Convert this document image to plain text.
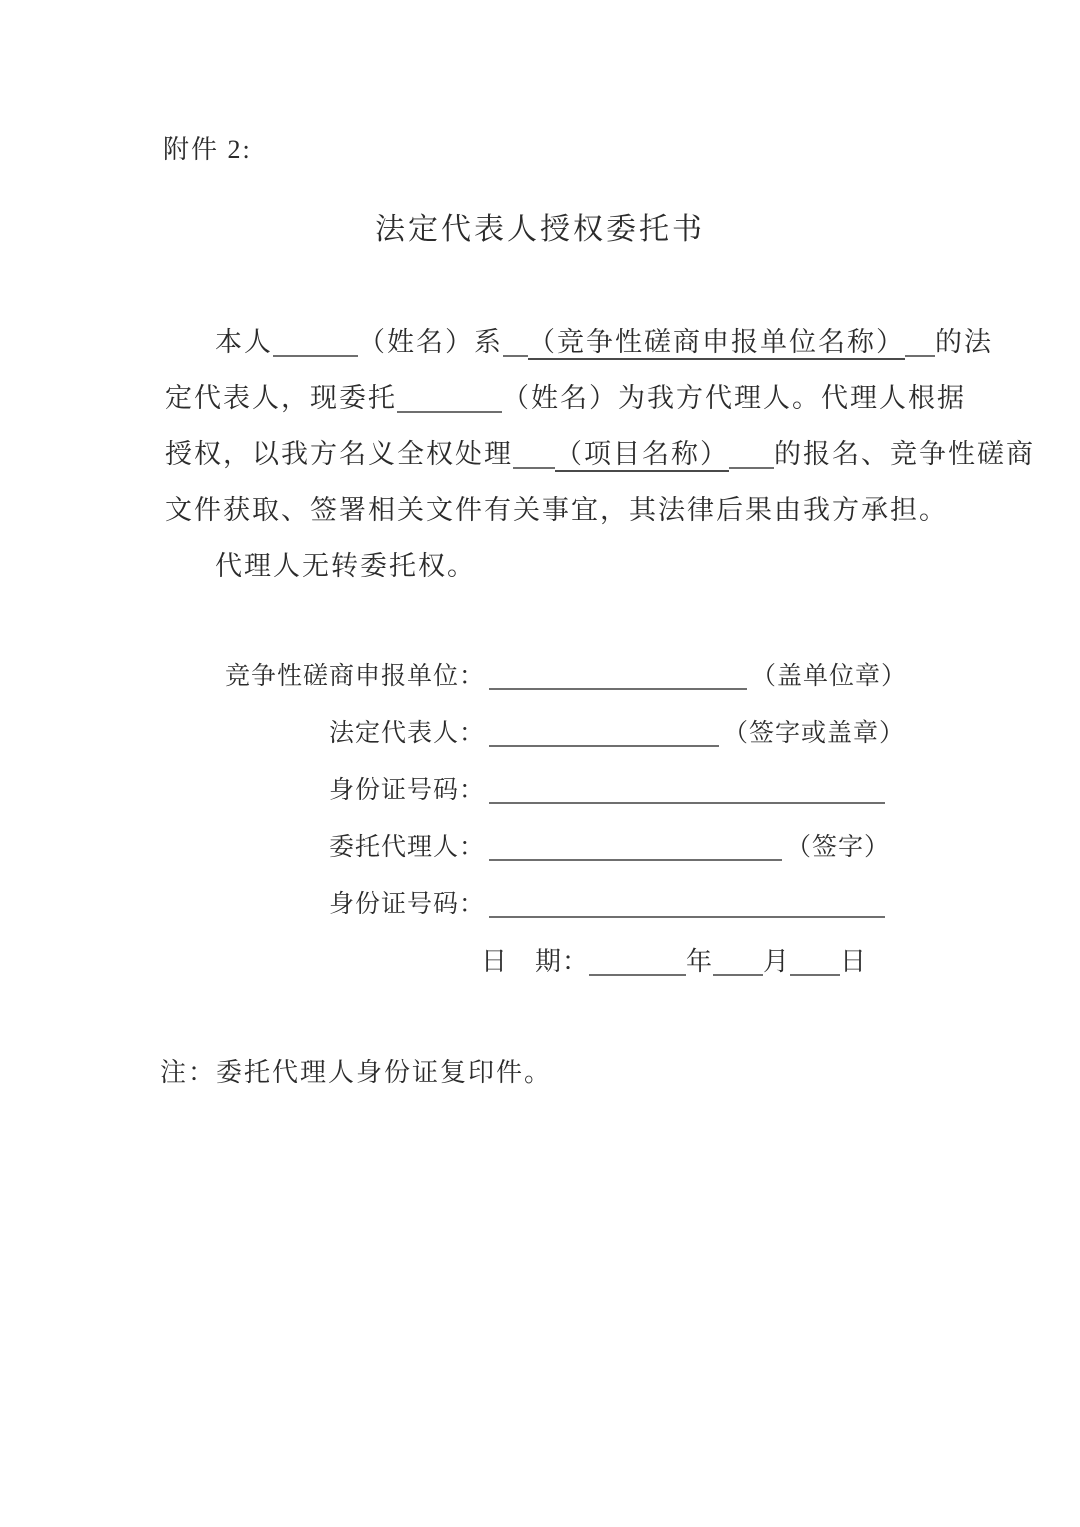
附件 2:
法定代表人授权委托书
本人	（姓名）系 （竞争性磋商申报单位名称） 的法
定代表人，现委托	（姓名）为我方代理人。代理人根据
授权，以我方名义全权处理 （项目名称） 的报名、竞争性磋商
文件获取、签署相关文件有关事宜，其法律后果由我方承担。
代理人无转委托权。
竞争性磋商申报单位：	（盖单位章）
法定代表人：	（签字或盖章）
身份证号码：
委托代理人：	（签字）
身份证号码：
日　期：	年 月 日
注：委托代理人身份证复印件。
